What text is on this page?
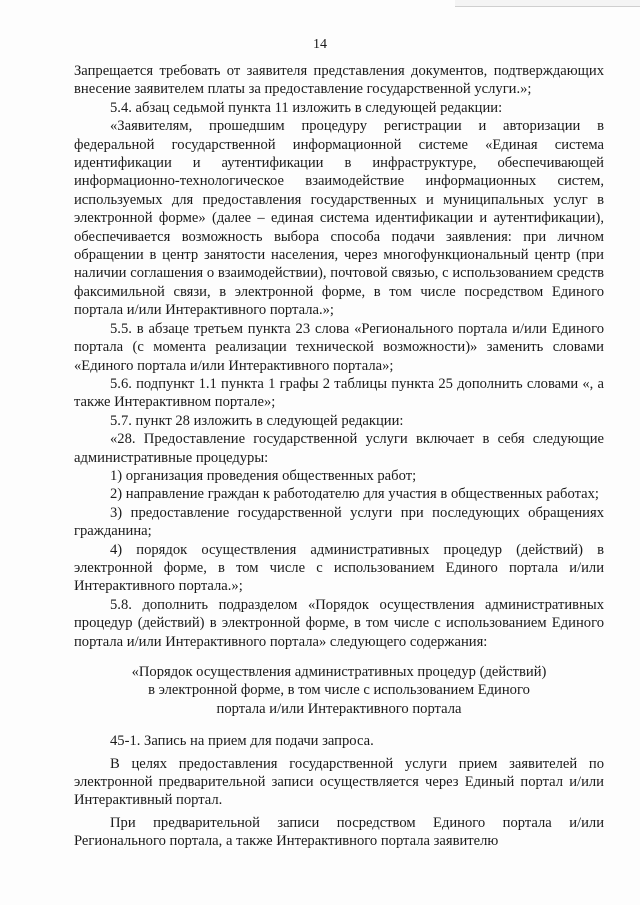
14

Запрещается требовать от заявителя представления документов, подтверждающих внесение заявителем платы за предоставление государственной услуги.»;

5.4. абзац седьмой пункта 11 изложить в следующей редакции:

«Заявителям, прошедшим процедуру регистрации и авторизации в федеральной государственной информационной системе «Единая система идентификации и аутентификации в инфраструктуре, обеспечивающей информационно-технологическое взаимодействие информационных систем, используемых для предоставления государственных и муниципальных услуг в электронной форме» (далее – единая система идентификации и аутентификации), обеспечивается возможность выбора способа подачи заявления: при личном обращении в центр занятости населения, через многофункциональный центр (при наличии соглашения о взаимодействии), почтовой связью, с использованием средств факсимильной связи, в электронной форме, в том числе посредством Единого портала и/или Интерактивного портала.»;

5.5. в абзаце третьем пункта 23 слова «Регионального портала и/или Единого портала (с момента реализации технической возможности)» заменить словами «Единого портала и/или Интерактивного портала»;

5.6. подпункт 1.1 пункта 1 графы 2 таблицы пункта 25 дополнить словами «, а также Интерактивном портале»;

5.7. пункт 28 изложить в следующей редакции:

«28. Предоставление государственной услуги включает в себя следующие административные процедуры:

1) организация проведения общественных работ;

2) направление граждан к работодателю для участия в общественных работах;

3) предоставление государственной услуги при последующих обращениях гражданина;

4) порядок осуществления административных процедур (действий) в электронной форме, в том числе с использованием Единого портала и/или Интерактивного портала.»;

5.8. дополнить подразделом «Порядок осуществления административных процедур (действий) в электронной форме, в том числе с использованием Единого портала и/или Интерактивного портала» следующего содержания:

«Порядок осуществления административных процедур (действий)
в электронной форме, в том числе с использованием Единого
портала и/или Интерактивного портала

45-1. Запись на прием для подачи запроса.

В целях предоставления государственной услуги прием заявителей по электронной предварительной записи осуществляется через Единый портал и/или Интерактивный портал.

При предварительной записи посредством Единого портала и/или Регионального портала, а также Интерактивного портала заявителю
